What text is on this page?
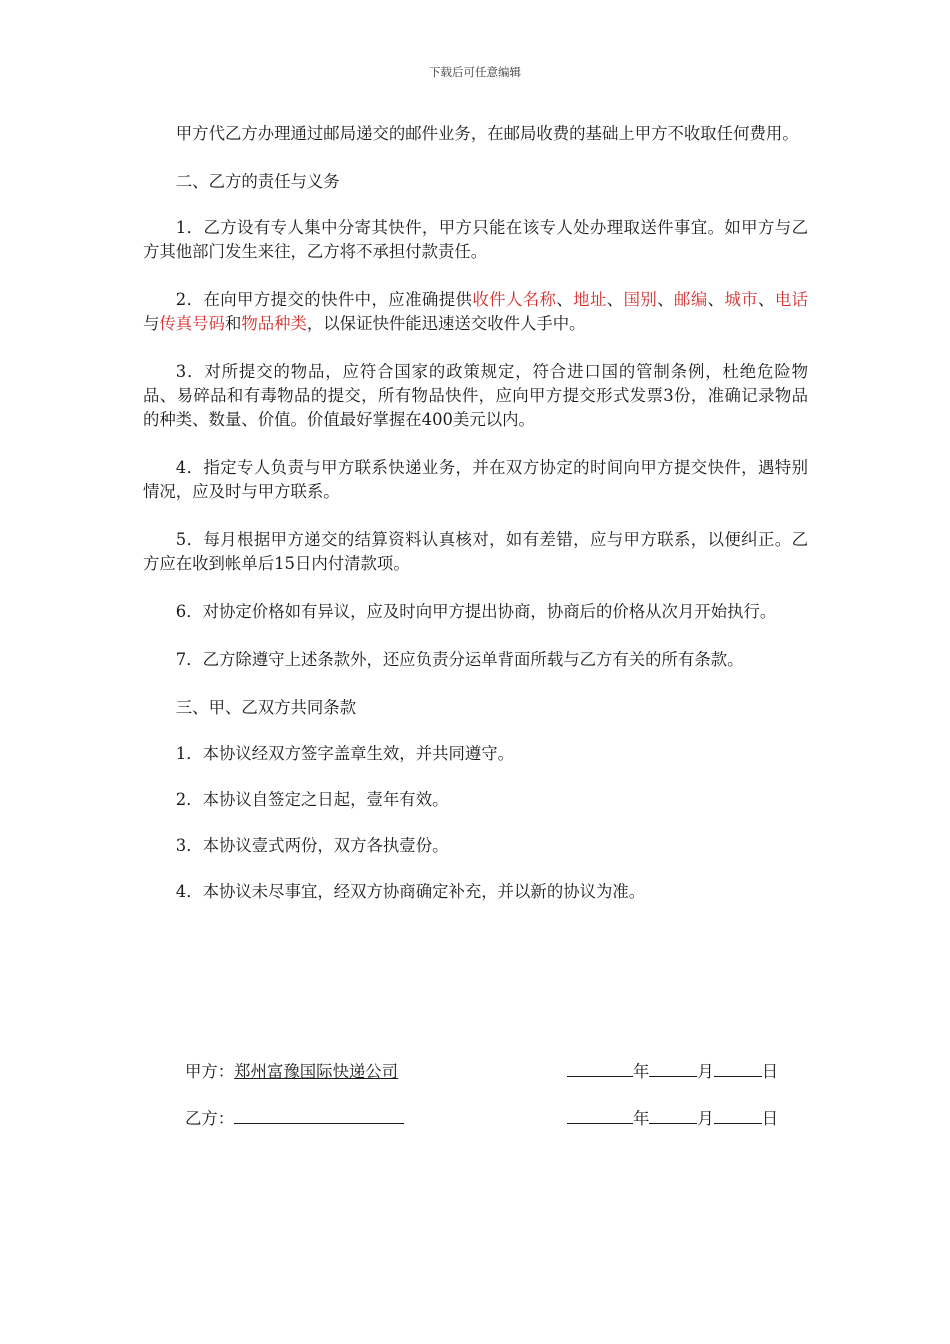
下载后可任意编辑

甲方代乙方办理通过邮局递交的邮件业务，在邮局收费的基础上甲方不收取任何费用。

二、乙方的责任与义务

1．乙方设有专人集中分寄其快件，甲方只能在该专人处办理取送件事宜。如甲方与乙方其他部门发生来往，乙方将不承担付款责任。

2．在向甲方提交的快件中，应准确提供收件人名称、地址、国别、邮编、城市、电话与传真号码和物品种类，以保证快件能迅速送交收件人手中。

3．对所提交的物品，应符合国家的政策规定，符合进口国的管制条例，杜绝危险物品、易碎品和有毒物品的提交，所有物品快件，应向甲方提交形式发票3份，准确记录物品的种类、数量、价值。价值最好掌握在400美元以内。

4．指定专人负责与甲方联系快递业务，并在双方协定的时间向甲方提交快件，遇特别情况，应及时与甲方联系。

5．每月根据甲方递交的结算资料认真核对，如有差错，应与甲方联系，以便纠正。乙方应在收到帐单后15日内付清款项。

6．对协定价格如有异议，应及时向甲方提出协商，协商后的价格从次月开始执行。

7．乙方除遵守上述条款外，还应负责分运单背面所载与乙方有关的所有条款。

三、甲、乙双方共同条款

1．本协议经双方签字盖章生效，并共同遵守。

2．本协议自签定之日起，壹年有效。

3．本协议壹式两份，双方各执壹份。

4．本协议未尽事宜，经双方协商确定补充，并以新的协议为准。

甲方：郑州富豫国际快递公司	年	月	日
乙方：	年	月	日
